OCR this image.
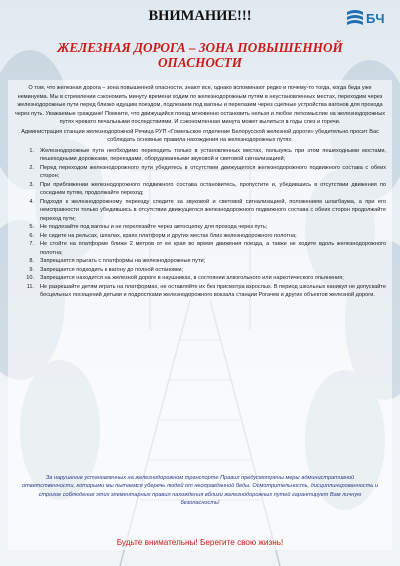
ВНИМАНИЕ!!!	БЧ
ЖЕЛЕЗНАЯ ДОРОГА – ЗОНА ПОВЫШЕННОЙ ОПАСНОСТИ

О том, что железная дорога – зона повышенной опасности, знают все, однако вспоминают редко и почему-то тогда, когда беда уже неминуема. Мы в стремлении сэкономить минуту времени ходим по железнодорожным путям в неустановленных местах, переходим через железнодорожные пути перед близко идущим поездом, подлезаем под вагоны и перелазим через сцепные устройства вагонов для прохода через путь. Уважаемые граждане! Помните, что движущийся поезд мгновенно остановить нельзя и любое легкомыслие на железнодорожных путях чревато печальными последствиями. И сэкономленная минута может вылиться в годы слез и горечи.

Администрация станции железнодорожной Речица РУП «Гомельское отделение Белорусской железной дороги» убедительно просит Вас соблюдать основные правила нахождения на железнодорожных путях:

1.	Железнодорожные пути необходимо переходить только в установленных местах, пользуясь при этом пешеходными мостами, пешеходными дорожками, переездами, оборудованными звуковой и световой сигнализацией;
2.	Перед переходом железнодорожного пути убедитесь в отсутствии движущегося железнодорожного подвижного состава с обеих сторон;
3.	При приближении железнодорожного подвижного состава остановитесь, пропустите и, убедившись в отсутствии движения по соседним путям, продолжайте переход;
4.	Подходя к железнодорожному переезду следите за звуковой и световой сигнализацией, положением шлагбаума, а при его неисправности только убедившись в отсутствии движущегося железнодорожного подвижного состава с обеих сторон продолжайте переход пути;
5.	Не подлезайте под вагоны и не перелезайте через автосцепку для прохода через путь;
6.	Не сидите на рельсах, шпалах, краях платформ и других местах близ железнодорожного полотна;
7.	Не стойте на платформе ближе 2 метров от ее края во время движения поезда, а также не ходите вдоль железнодорожного полотна;
8.	Запрещается прыгать с платформы на железнодорожные пути;
9.	Запрещается подходить к вагону до полной остановки;
10.	Запрещается находится на железной дороге в наушниках, в состоянии алкогольного или наркотического опьянения;
11.	Не разрешайте детям играть на платформах, не оставляйте их без присмотра взрослых. В период школьных каникул не допускайте бесцельных посещений детьми и подростками железнодорожного вокзала станции Рогачев и других объектов железной дороги.
За нарушение установленных на железнодорожном транспорте Правил предусмотрены меры административной ответственности, которыми мы пытаемся уберечь людей от неоправданной беды. Осмотрительность, дисциплинированность и строгое соблюдение этих элементарных правил нахождения вблизи железнодорожных путей гарантирует Вам личную безопасность!
Будьте внимательны! Берегите свою жизнь!
